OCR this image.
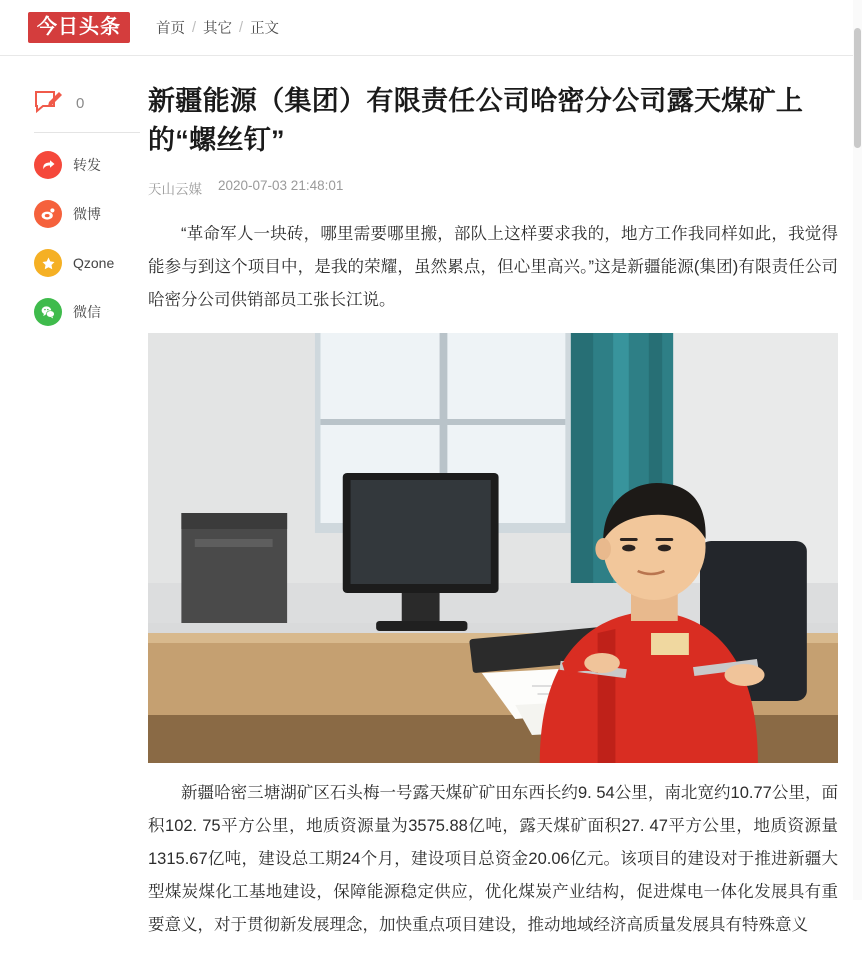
今日头条	首页 / 其它 / 正文
0
转发
微博
Qzone
微信
新疆能源（集团）有限责任公司哈密分公司露天煤矿上的“螺丝钉”
天山云媒 2020-07-03 21:48:01

“革命军人一块砖，哪里需要哪里搬，部队上这样要求我的，地方工作我同样如此，我觉得能参与到这个项目中，是我的荣耀，虽然累点，但心里高兴。”这是新疆能源(集团)有限责任公司哈密分公司供销部员工张长江说。

新疆哈密三塘湖矿区石头梅一号露天煤矿矿田东西长约9. 54公里，南北宽约10.77公里，面积102. 75平方公里，地质资源量为3575.88亿吨，露天煤矿面积27. 47平方公里，地质资源量1315.67亿吨，建设总工期24个月，建设项目总资金20.06亿元。该项目的建设对于推进新疆大型煤炭煤化工基地建设，保障能源稳定供应，优化煤炭产业结构，促进煤电一体化发展具有重要意义，对于贯彻新发展理念，加快重点项目建设，推动地域经济高质量发展具有特殊意义
